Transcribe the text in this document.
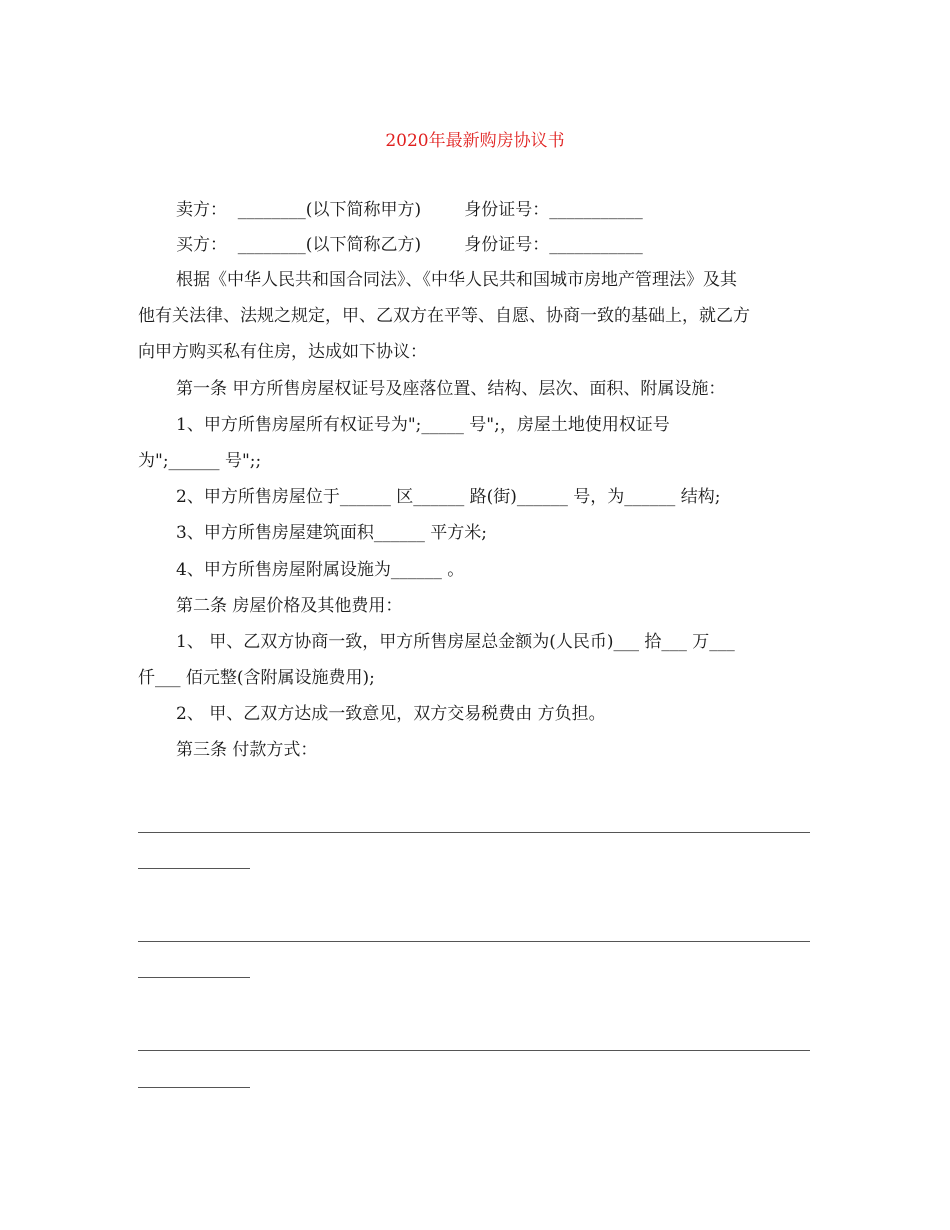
2020年最新购房协议书
卖方：  ________(以下简称甲方)        身份证号：___________
买方：  ________(以下简称乙方)        身份证号：___________
根据《中华人民共和国合同法》、《中华人民共和国城市房地产管理法》及其
他有关法律、法规之规定，甲、乙双方在平等、自愿、协商一致的基础上，就乙方
向甲方购买私有住房，达成如下协议：
第一条 甲方所售房屋权证号及座落位置、结构、层次、面积、附属设施：
1、甲方所售房屋所有权证号为";_____ 号";，房屋土地使用权证号
为";______ 号";;
2、甲方所售房屋位于______ 区______ 路(街)______ 号，为______ 结构;
3、甲方所售房屋建筑面积______ 平方米;
4、甲方所售房屋附属设施为______ 。
第二条 房屋价格及其他费用：
1、 甲、乙双方协商一致，甲方所售房屋总金额为(人民币)___ 拾___ 万___
仟___ 佰元整(含附属设施费用);
2、 甲、乙双方达成一致意见，双方交易税费由 方负担。
第三条 付款方式：
